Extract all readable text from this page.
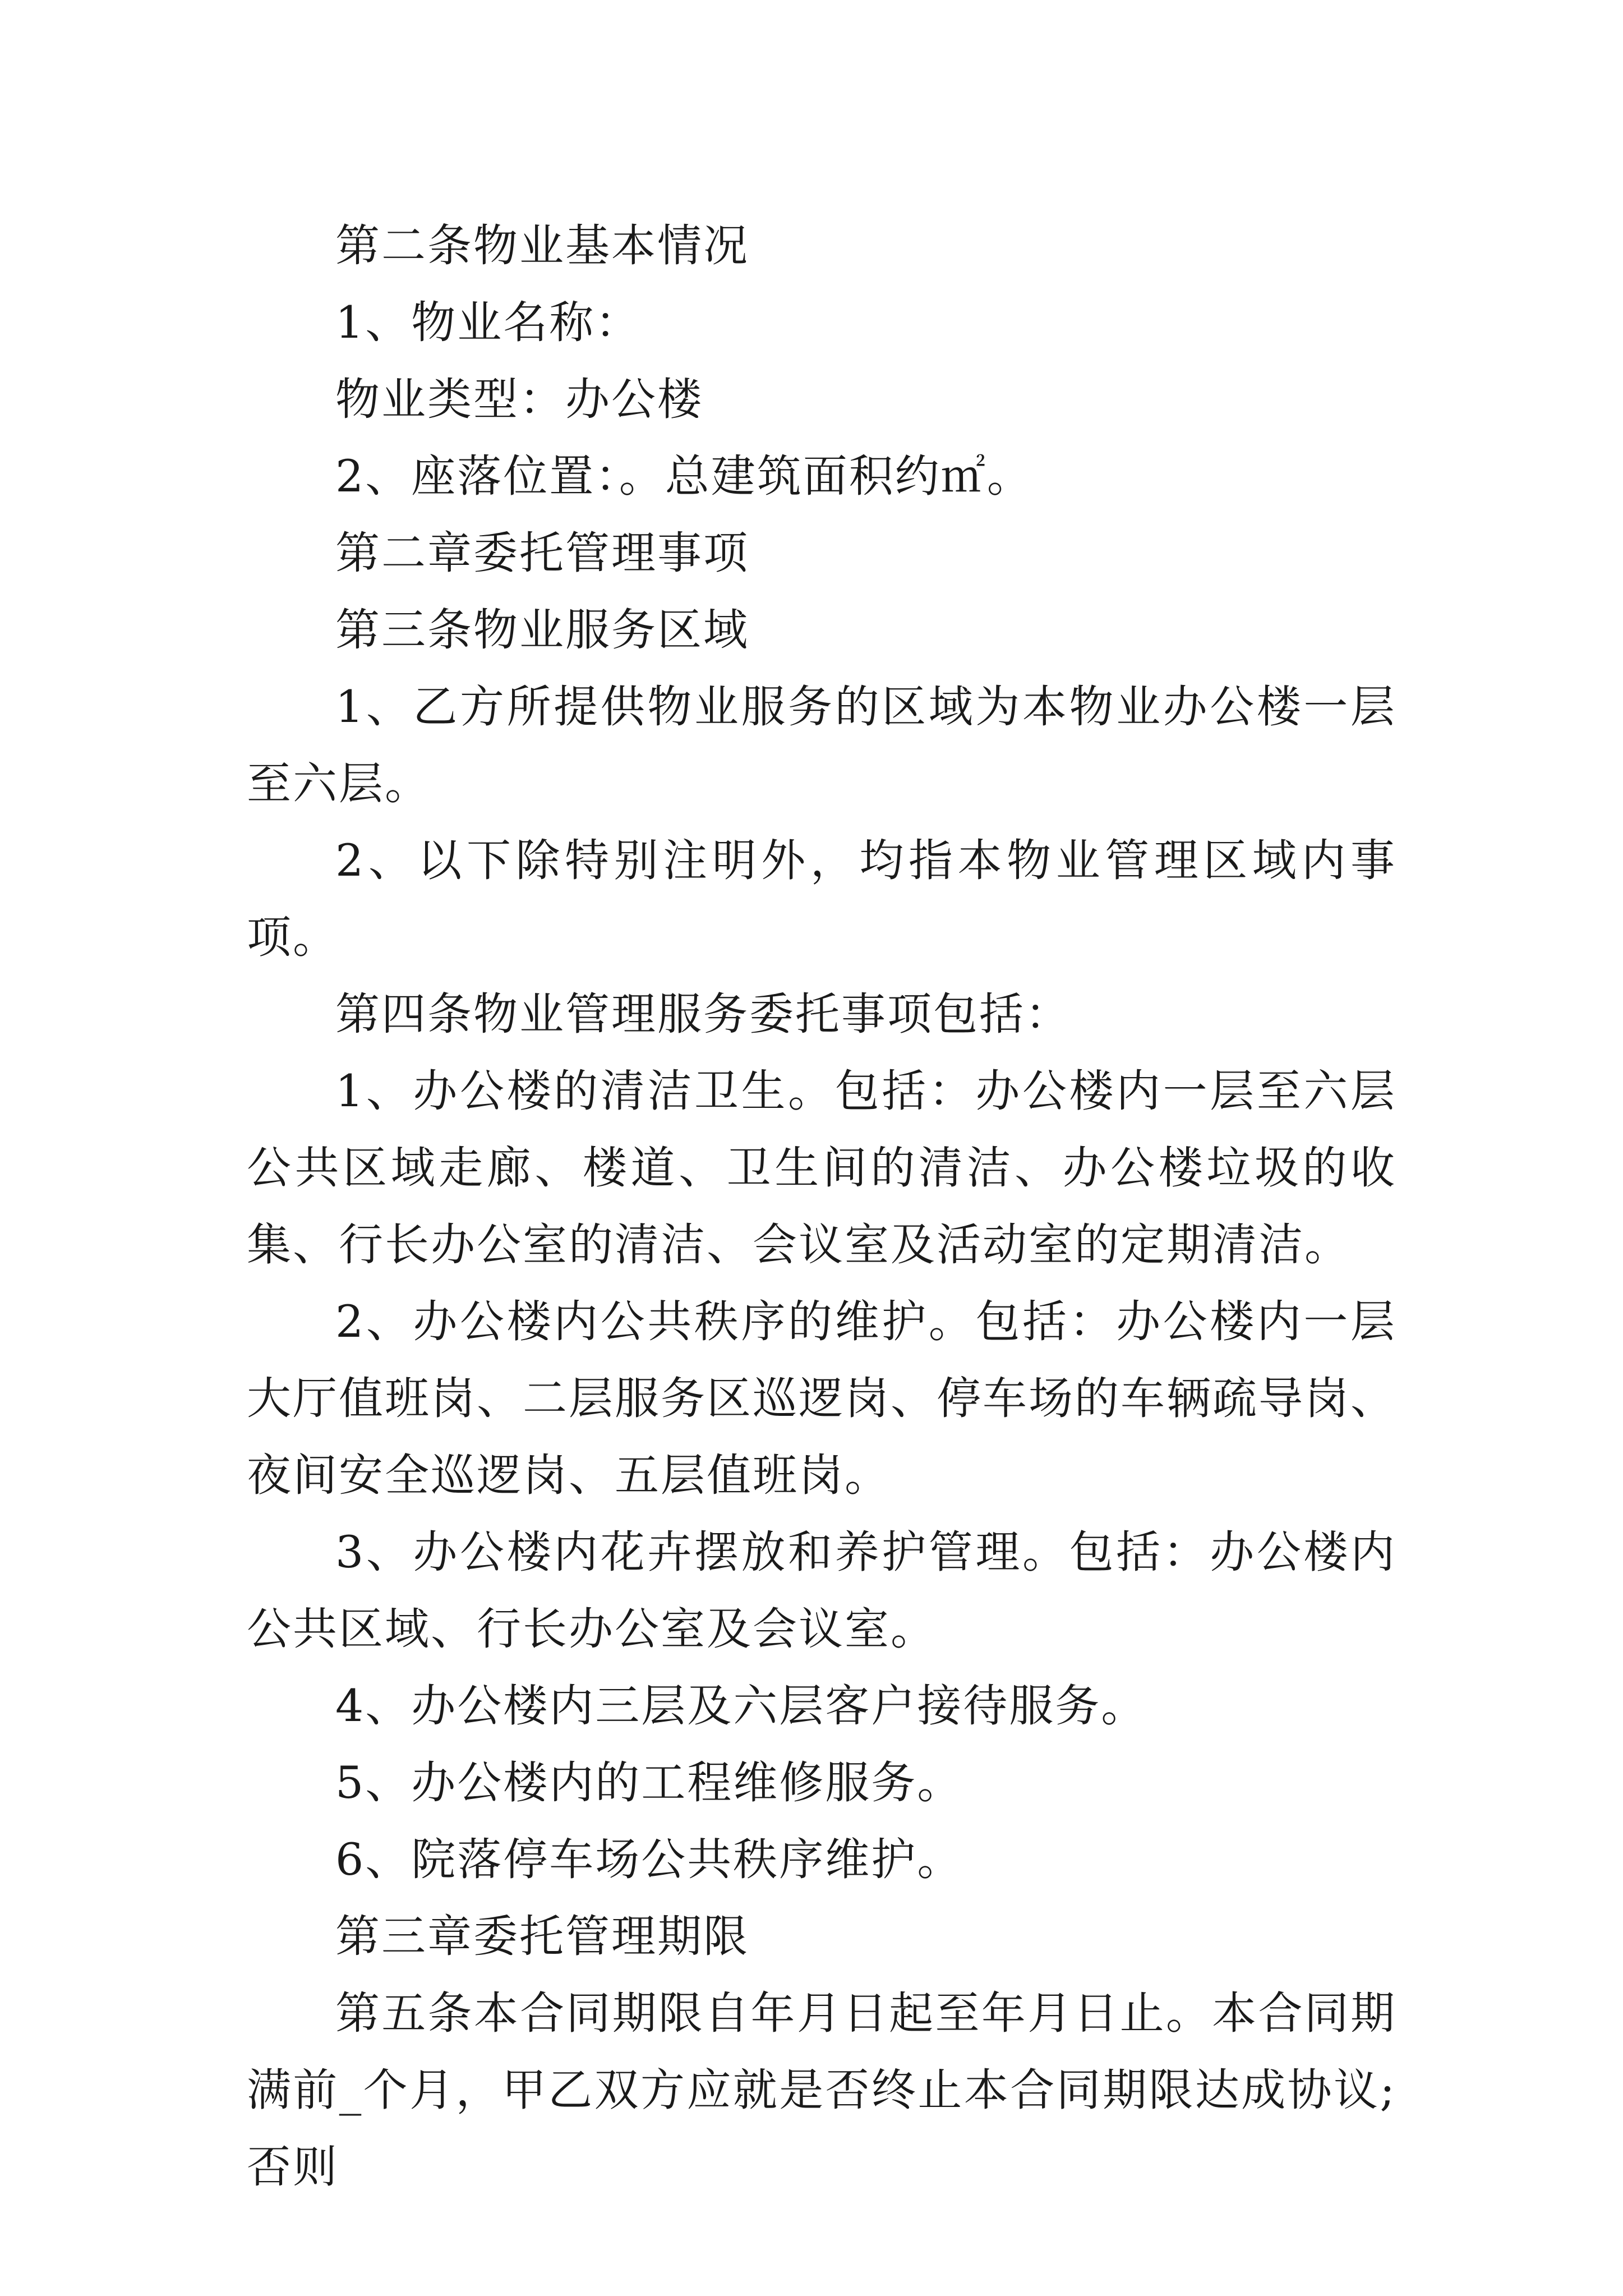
第二条物业基本情况

1、物业名称：

物业类型：办公楼

2、座落位置：。总建筑面积约㎡。

第二章委托管理事项

第三条物业服务区域

1、乙方所提供物业服务的区域为本物业办公楼一层至六层。

2、以下除特别注明外，均指本物业管理区域内事项。

第四条物业管理服务委托事项包括：

1、办公楼的清洁卫生。包括：办公楼内一层至六层公共区域走廊、楼道、卫生间的清洁、办公楼垃圾的收集、行长办公室的清洁、会议室及活动室的定期清洁。

2、办公楼内公共秩序的维护。包括：办公楼内一层大厅值班岗、二层服务区巡逻岗、停车场的车辆疏导岗、夜间安全巡逻岗、五层值班岗。

3、办公楼内花卉摆放和养护管理。包括：办公楼内公共区域、行长办公室及会议室。

4、办公楼内三层及六层客户接待服务。

5、办公楼内的工程维修服务。

6、院落停车场公共秩序维护。

第三章委托管理期限

第五条本合同期限自年月日起至年月日止。本合同期满前_个月，甲乙双方应就是否终止本合同期限达成协议;否则
